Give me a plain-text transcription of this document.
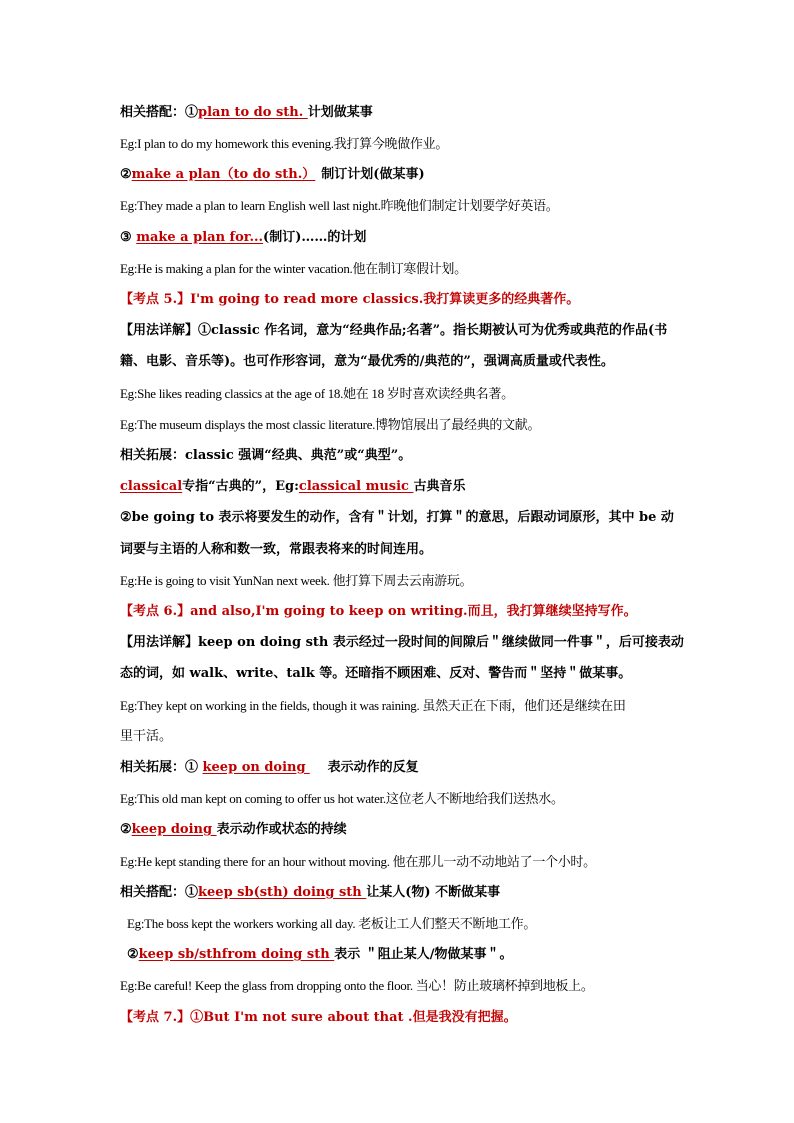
相关搭配：①plan to do sth. 计划做某事
Eg:I plan to do my homework this evening.我打算今晚做作业。
②make a plan（to do sth.） 制订计划(做某事)
Eg:They made a plan to learn English well last night.昨晚他们制定计划要学好英语。
③ make a plan for...(制订)……的计划
Eg:He is making a plan for the winter vacation.他在制订寒假计划。
【考点 5.】I'm going to read more classics.我打算读更多的经典著作。
【用法详解】①classic 作名词，意为“经典作品;名著”。指长期被认可为优秀或典范的作品(书
籍、电影、音乐等)。也可作形容词，意为“最优秀的/典范的”，强调高质量或代表性。
Eg:She likes reading classics at the age of 18.她在 18 岁时喜欢读经典名著。
Eg:The museum displays the most classic literature.博物馆展出了最经典的文献。
相关拓展：classic 强调“经典、典范”或“典型”。
classical专指“古典的”，Eg:classical music 古典音乐
②be going to 表示将要发生的动作，含有＂计划，打算＂的意思，后跟动词原形，其中 be 动
词要与主语的人称和数一致，常跟表将来的时间连用。
Eg:He is going to visit YunNan next week. 他打算下周去云南游玩。
【考点 6.】and also,I'm going to keep on writing.而且，我打算继续坚持写作。
【用法详解】keep on doing sth 表示经过一段时间的间隙后＂继续做同一件事＂，后可接表动
态的词，如 walk、write、talk 等。还暗指不顾困难、反对、警告而＂坚持＂做某事。
Eg:They kept on working in the fields, though it was raining. 虽然天正在下雨，他们还是继续在田
里干活。
相关拓展：① keep on doing 表示动作的反复
Eg:This old man kept on coming to offer us hot water.这位老人不断地给我们送热水。
②keep doing 表示动作或状态的持续
Eg:He kept standing there for an hour without moving. 他在那儿一动不动地站了一个小时。
相关搭配：①keep sb(sth) doing sth 让某人(物) 不断做某事
Eg:The boss kept the workers working all day. 老板让工人们整天不断地工作。
②keep sb/sthfrom doing sth 表示 ＂阻止某人/物做某事＂。
Eg:Be careful! Keep the glass from dropping onto the floor. 当心！防止玻璃杯掉到地板上。
【考点 7.】①But I'm not sure about that .但是我没有把握。
